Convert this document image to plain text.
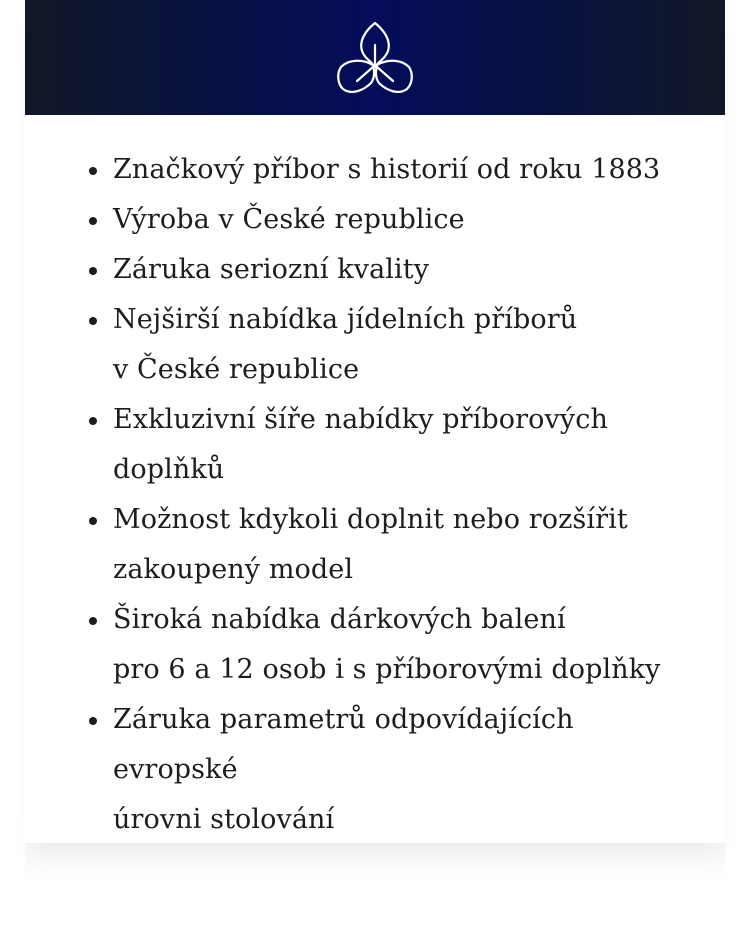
Značkový příbor s historií od roku 1883
Výroba v České republice
Záruka seriozní kvality
Nejširší nabídka jídelních příborů
v České republice
Exkluzivní šíře nabídky příborových
doplňků
Možnost kdykoli doplnit nebo rozšířit
zakoupený model
Široká nabídka dárkových balení
pro 6 a 12 osob i s příborovými doplňky
Záruka parametrů odpovídajících evropské
úrovni stolování
